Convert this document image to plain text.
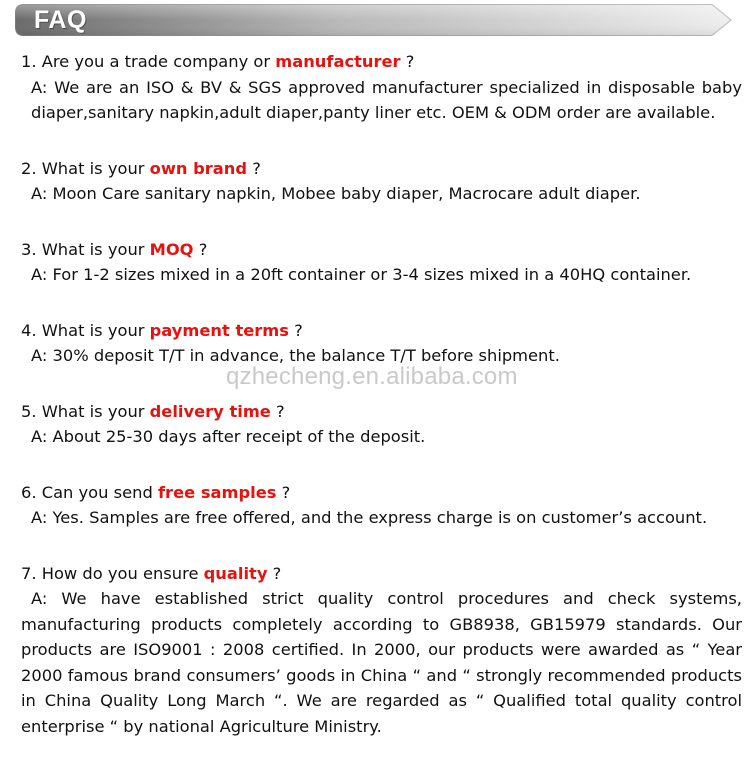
FAQ
qzhecheng.en.alibaba.com

1. Are you a trade company or manufacturer ?

A: We are an ISO & BV & SGS approved manufacturer specialized in disposable baby diaper,sanitary napkin,adult diaper,panty liner etc. OEM & ODM order are available.

2. What is your own brand ?

A: Moon Care sanitary napkin, Mobee baby diaper, Macrocare adult diaper.

3. What is your MOQ ?

A: For 1-2 sizes mixed in a 20ft container or 3-4 sizes mixed in a 40HQ container.

4. What is your payment terms ?

A: 30% deposit T/T in advance, the balance T/T before shipment.

5. What is your delivery time ?

A: About 25-30 days after receipt of the deposit.

6. Can you send free samples ?

A: Yes. Samples are free offered, and the express charge is on customer’s account.

7. How do you ensure quality ?

A: We have established strict quality control procedures and check systems, manufacturing products completely according to GB8938, GB15979 standards. Our products are ISO9001 : 2008 certified. In 2000, our products were awarded as “ Year 2000 famous brand consumers’ goods in China “ and “ strongly recommended products in China Quality Long March “. We are regarded as “ Qualified total quality control enterprise “ by national Agriculture Ministry.
